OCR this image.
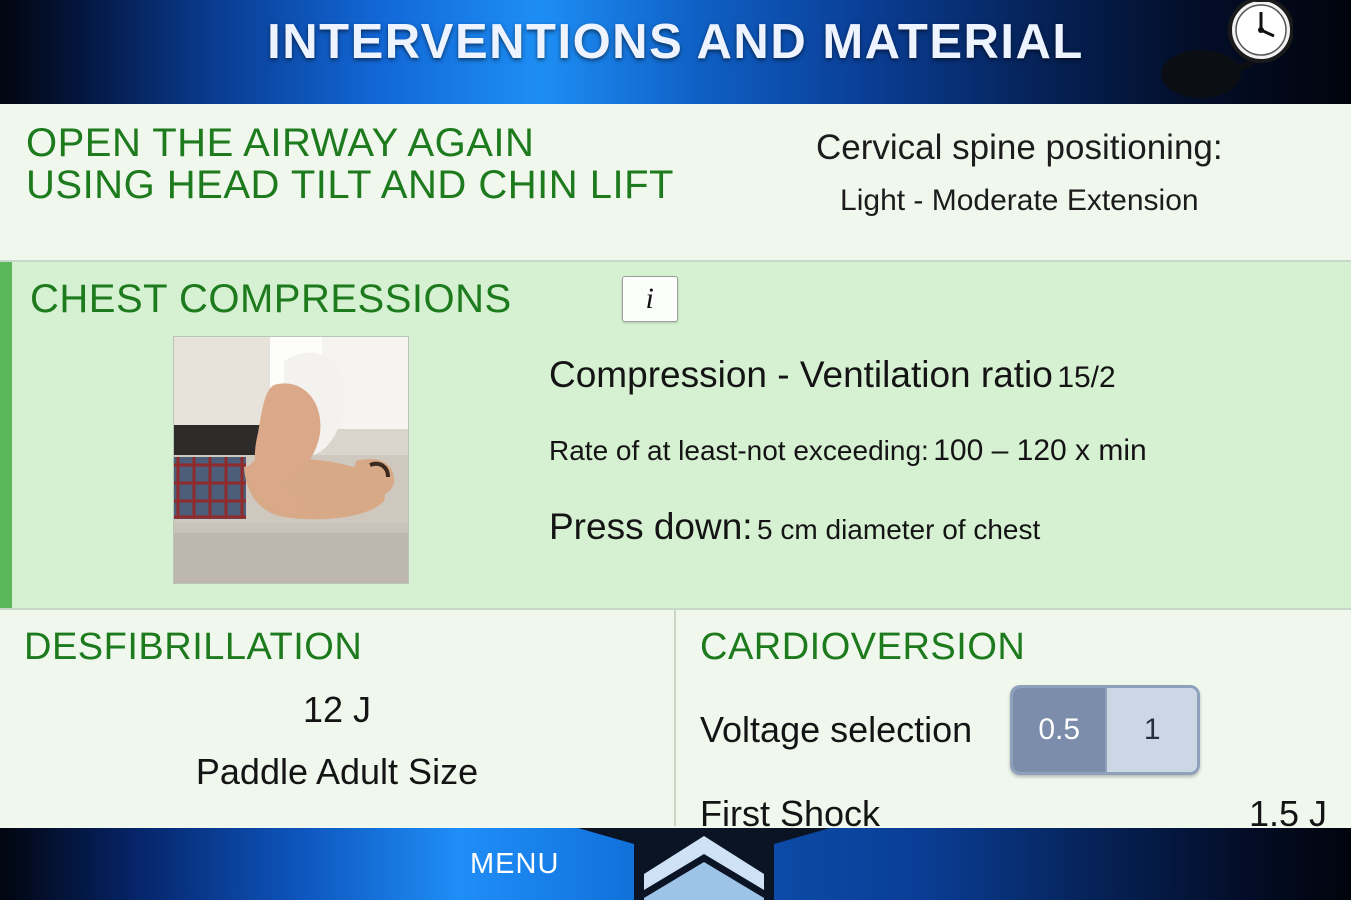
INTERVENTIONS AND MATERIAL
OPEN THE AIRWAY AGAIN
USING HEAD TILT AND CHIN LIFT
Cervical spine positioning:
Light - Moderate Extension
CHEST COMPRESSIONS	i
Compression - Ventilation ratio 15/2
Rate of at least-not exceeding: 100 – 120 x min
Press down: 5 cm diameter of chest
DESFIBRILLATION
12 J
Paddle Adult Size
CARDIOVERSION
Voltage selection	0.5	1
First Shock	1.5 J
MENU
